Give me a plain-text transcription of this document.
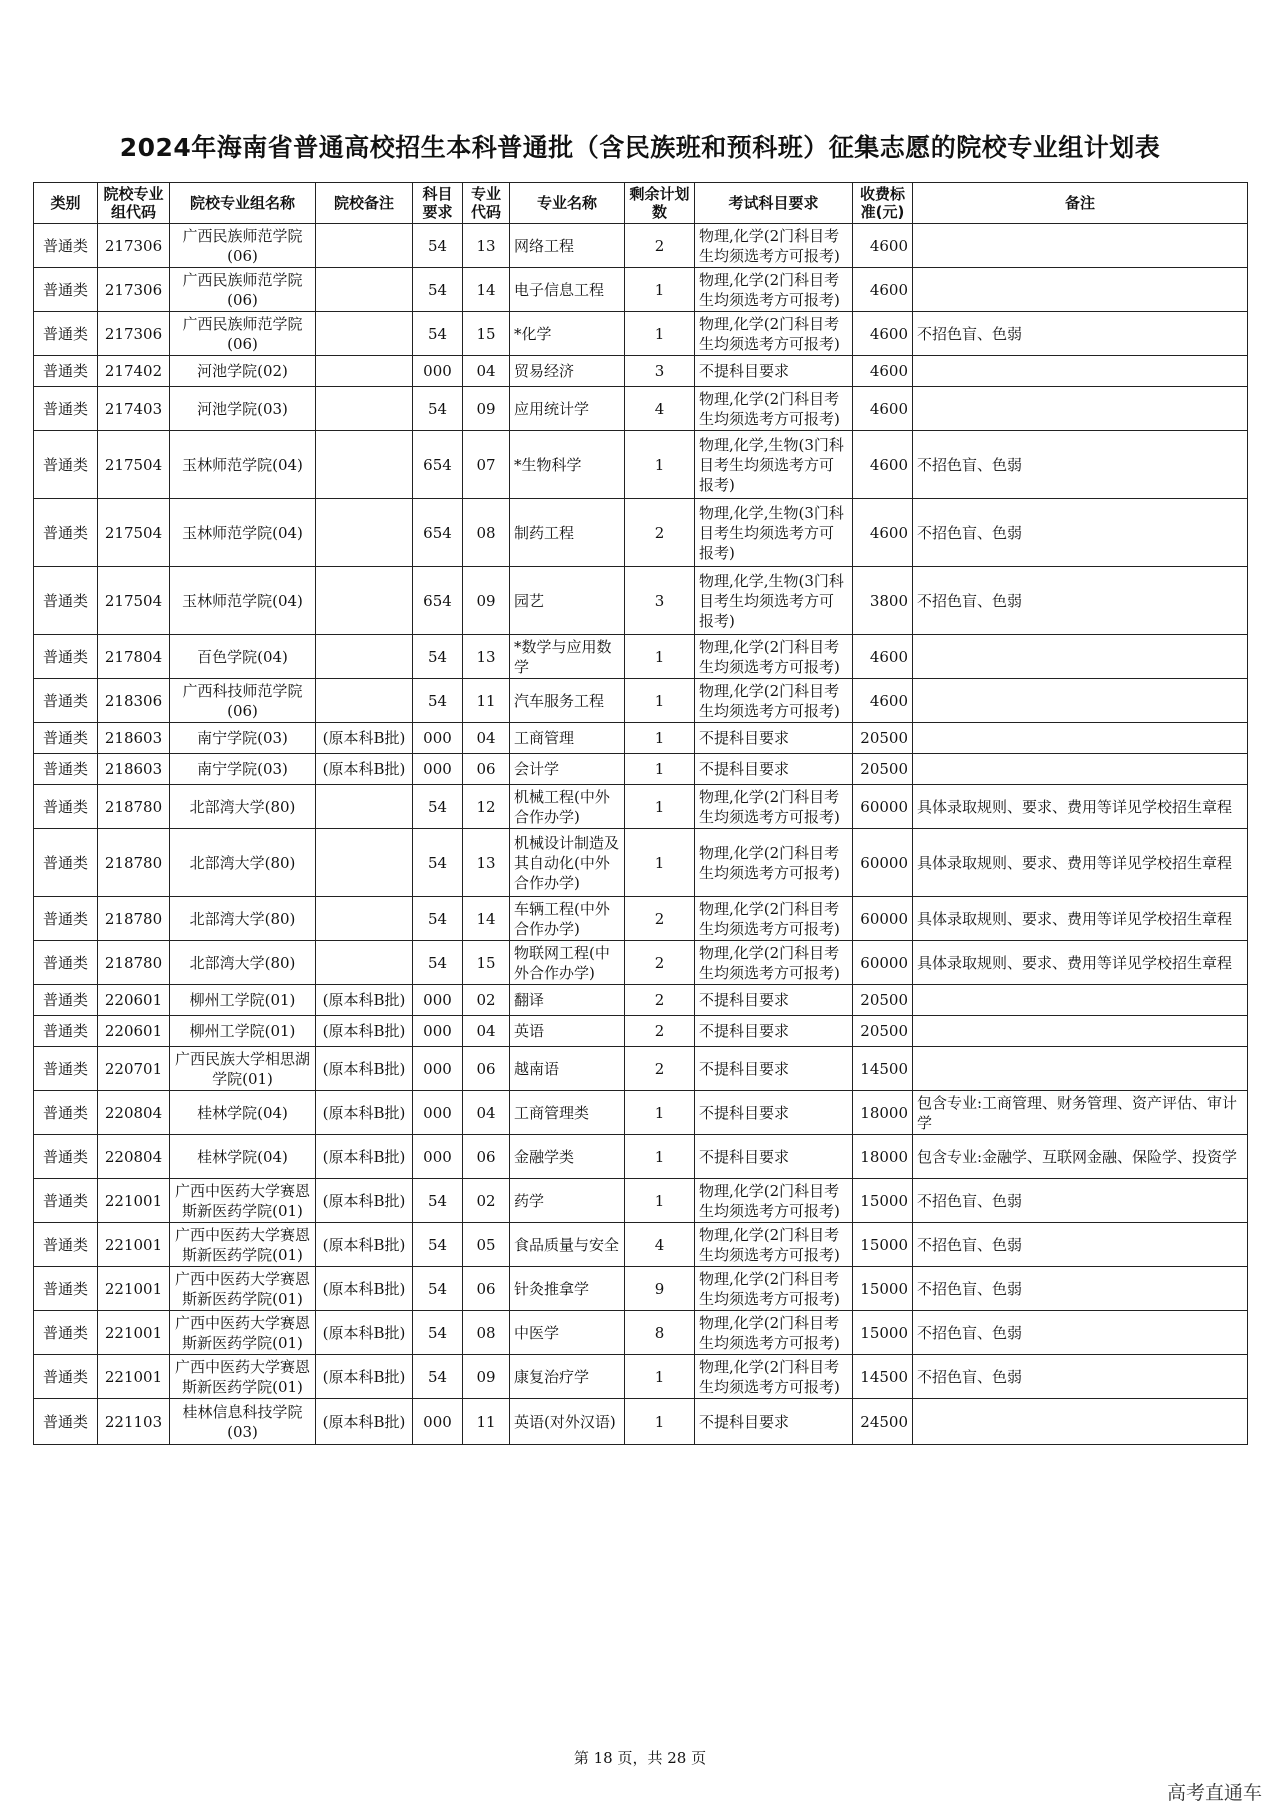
2024年海南省普通高校招生本科普通批（含民族班和预科班）征集志愿的院校专业组计划表
类别	院校专业组代码	院校专业组名称	院校备注	科目要求	专业代码	专业名称	剩余计划数	考试科目要求	收费标准(元)	备注

普通类	217306	广西民族师范学院(06)		54	13	网络工程	2	物理,化学(2门科目考生均须选考方可报考)	4600	

普通类	217306	广西民族师范学院(06)		54	14	电子信息工程	1	物理,化学(2门科目考生均须选考方可报考)	4600	

普通类	217306	广西民族师范学院(06)		54	15	*化学	1	物理,化学(2门科目考生均须选考方可报考)	4600	不招色盲、色弱

普通类	217402	河池学院(02)		000	04	贸易经济	3	不提科目要求	4600	

普通类	217403	河池学院(03)		54	09	应用统计学	4	物理,化学(2门科目考生均须选考方可报考)	4600	

普通类	217504	玉林师范学院(04)		654	07	*生物科学	1	物理,化学,生物(3门科目考生均须选考方可报考)	4600	不招色盲、色弱

普通类	217504	玉林师范学院(04)		654	08	制药工程	2	物理,化学,生物(3门科目考生均须选考方可报考)	4600	不招色盲、色弱

普通类	217504	玉林师范学院(04)		654	09	园艺	3	物理,化学,生物(3门科目考生均须选考方可报考)	3800	不招色盲、色弱

普通类	217804	百色学院(04)		54	13	*数学与应用数学	1	物理,化学(2门科目考生均须选考方可报考)	4600	

普通类	218306	广西科技师范学院(06)		54	11	汽车服务工程	1	物理,化学(2门科目考生均须选考方可报考)	4600	

普通类	218603	南宁学院(03)	(原本科B批)	000	04	工商管理	1	不提科目要求	20500	

普通类	218603	南宁学院(03)	(原本科B批)	000	06	会计学	1	不提科目要求	20500	

普通类	218780	北部湾大学(80)		54	12	机械工程(中外合作办学)	1	物理,化学(2门科目考生均须选考方可报考)	60000	具体录取规则、要求、费用等详见学校招生章程

普通类	218780	北部湾大学(80)		54	13	机械设计制造及其自动化(中外合作办学)	1	物理,化学(2门科目考生均须选考方可报考)	60000	具体录取规则、要求、费用等详见学校招生章程

普通类	218780	北部湾大学(80)		54	14	车辆工程(中外合作办学)	2	物理,化学(2门科目考生均须选考方可报考)	60000	具体录取规则、要求、费用等详见学校招生章程

普通类	218780	北部湾大学(80)		54	15	物联网工程(中外合作办学)	2	物理,化学(2门科目考生均须选考方可报考)	60000	具体录取规则、要求、费用等详见学校招生章程

普通类	220601	柳州工学院(01)	(原本科B批)	000	02	翻译	2	不提科目要求	20500	

普通类	220601	柳州工学院(01)	(原本科B批)	000	04	英语	2	不提科目要求	20500	

普通类	220701	广西民族大学相思湖学院(01)	(原本科B批)	000	06	越南语	2	不提科目要求	14500	

普通类	220804	桂林学院(04)	(原本科B批)	000	04	工商管理类	1	不提科目要求	18000	包含专业:工商管理、财务管理、资产评估、审计学

普通类	220804	桂林学院(04)	(原本科B批)	000	06	金融学类	1	不提科目要求	18000	包含专业:金融学、互联网金融、保险学、投资学

普通类	221001	广西中医药大学赛恩斯新医药学院(01)	(原本科B批)	54	02	药学	1	物理,化学(2门科目考生均须选考方可报考)	15000	不招色盲、色弱

普通类	221001	广西中医药大学赛恩斯新医药学院(01)	(原本科B批)	54	05	食品质量与安全	4	物理,化学(2门科目考生均须选考方可报考)	15000	不招色盲、色弱

普通类	221001	广西中医药大学赛恩斯新医药学院(01)	(原本科B批)	54	06	针灸推拿学	9	物理,化学(2门科目考生均须选考方可报考)	15000	不招色盲、色弱

普通类	221001	广西中医药大学赛恩斯新医药学院(01)	(原本科B批)	54	08	中医学	8	物理,化学(2门科目考生均须选考方可报考)	15000	不招色盲、色弱

普通类	221001	广西中医药大学赛恩斯新医药学院(01)	(原本科B批)	54	09	康复治疗学	1	物理,化学(2门科目考生均须选考方可报考)	14500	不招色盲、色弱

普通类	221103	桂林信息科技学院(03)	(原本科B批)	000	11	英语(对外汉语)	1	不提科目要求	24500	

第 18 页，共 28 页
高考直通车
